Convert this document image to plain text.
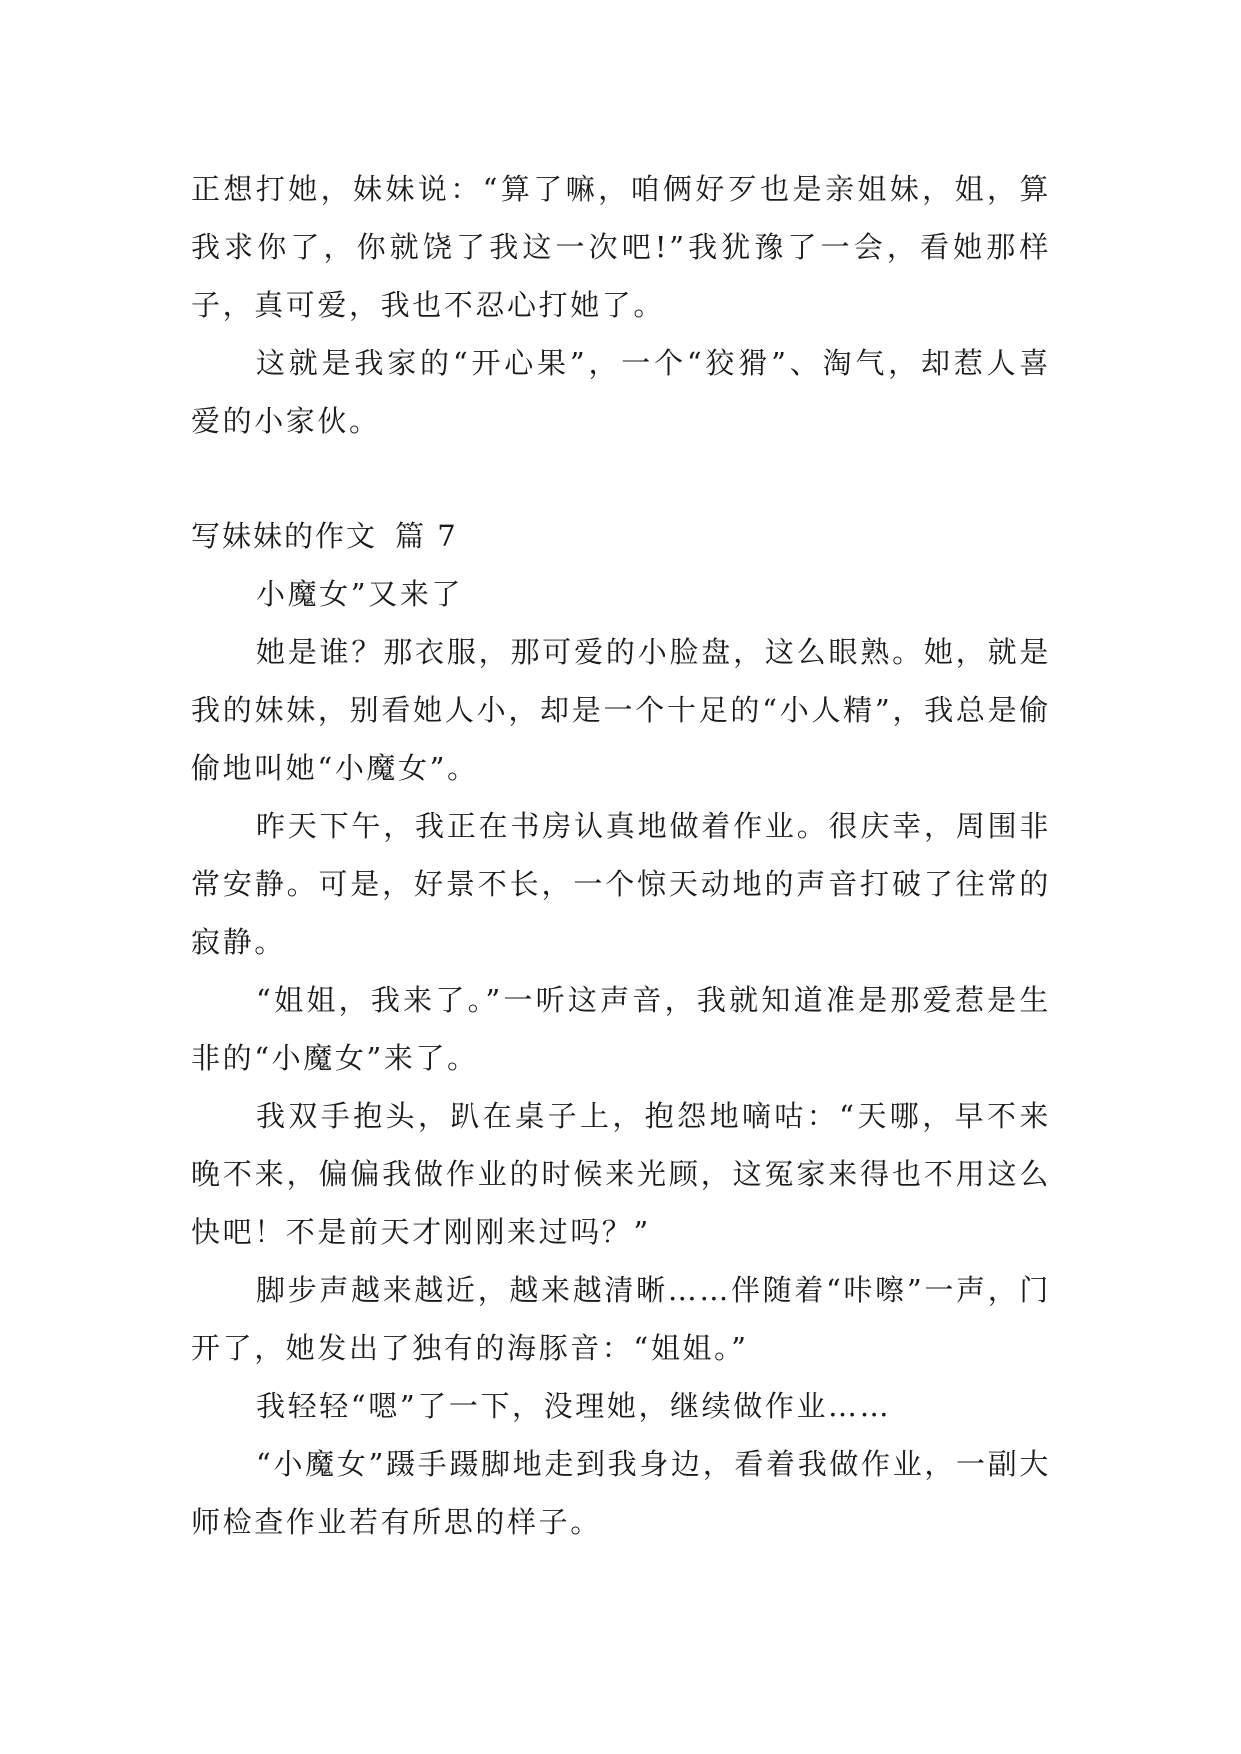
正想打她，妹妹说：“算了嘛，咱俩好歹也是亲姐妹，姐，算我求你了，你就饶了我这一次吧!”我犹豫了一会，看她那样子，真可爱，我也不忍心打她了。

这就是我家的“开心果”，一个“狡猾”、淘气，却惹人喜爱的小家伙。

写妹妹的作文 篇 7

小魔女”又来了

她是谁？那衣服，那可爱的小脸盘，这么眼熟。她，就是我的妹妹，别看她人小，却是一个十足的“小人精”，我总是偷偷地叫她“小魔女”。

昨天下午，我正在书房认真地做着作业。很庆幸，周围非常安静。可是，好景不长，一个惊天动地的声音打破了往常的寂静。

“姐姐，我来了。”一听这声音，我就知道准是那爱惹是生非的“小魔女”来了。

我双手抱头，趴在桌子上，抱怨地嘀咕：“天哪，早不来晚不来，偏偏我做作业的时候来光顾，这冤家来得也不用这么快吧！不是前天才刚刚来过吗？”

脚步声越来越近，越来越清晰……伴随着“咔嚓”一声，门开了，她发出了独有的海豚音：“姐姐。”

我轻轻“嗯”了一下，没理她，继续做作业……

“小魔女”蹑手蹑脚地走到我身边，看着我做作业，一副大师检查作业若有所思的样子。
